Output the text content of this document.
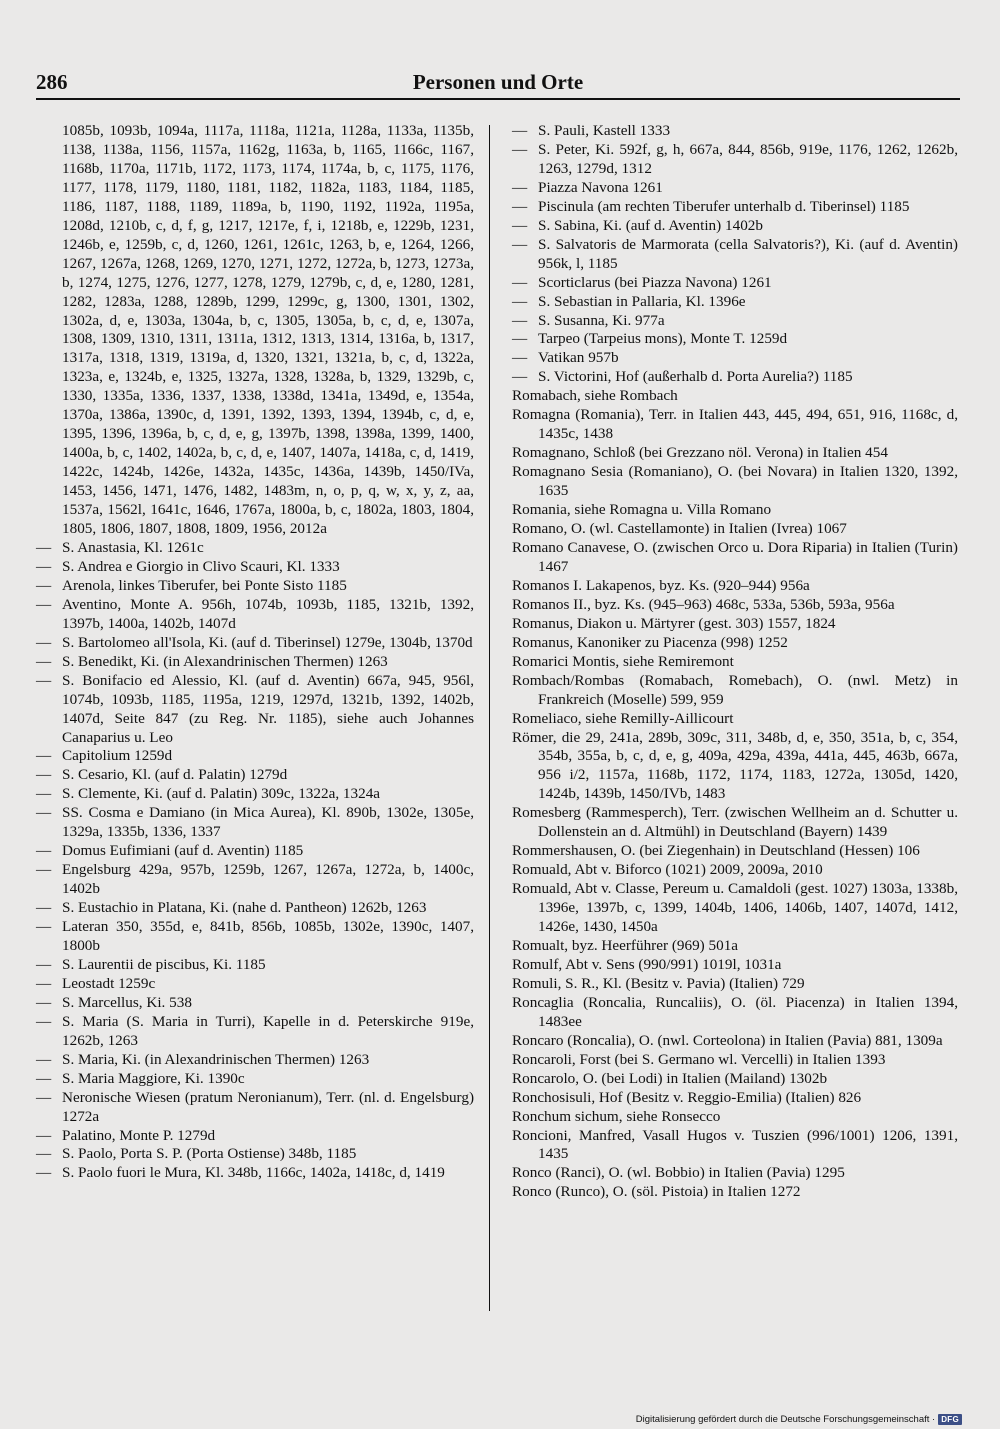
286	Personen und Orte
1085b, 1093b, 1094a, 1117a, 1118a, 1121a, 1128a, 1133a, 1135b, 1138, 1138a, 1156, 1157a, 1162g, 1163a, b, 1165, 1166c, 1167, 1168b, 1170a, 1171b, 1172, 1173, 1174, 1174a, b, c, 1175, 1176, 1177, 1178, 1179, 1180, 1181, 1182, 1182a, 1183, 1184, 1185, 1186, 1187, 1188, 1189, 1189a, b, 1190, 1192, 1192a, 1195a, 1208d, 1210b, c, d, f, g, 1217, 1217e, f, i, 1218b, e, 1229b, 1231, 1246b, e, 1259b, c, d, 1260, 1261, 1261c, 1263, b, e, 1264, 1266, 1267, 1267a, 1268, 1269, 1270, 1271, 1272, 1272a, b, 1273, 1273a, b, 1274, 1275, 1276, 1277, 1278, 1279, 1279b, c, d, e, 1280, 1281, 1282, 1283a, 1288, 1289b, 1299, 1299c, g, 1300, 1301, 1302, 1302a, d, e, 1303a, 1304a, b, c, 1305, 1305a, b, c, d, e, 1307a, 1308, 1309, 1310, 1311, 1311a, 1312, 1313, 1314, 1316a, b, 1317, 1317a, 1318, 1319, 1319a, d, 1320, 1321, 1321a, b, c, d, 1322a, 1323a, e, 1324b, e, 1325, 1327a, 1328, 1328a, b, 1329, 1329b, c, 1330, 1335a, 1336, 1337, 1338, 1338d, 1341a, 1349d, e, 1354a, 1370a, 1386a, 1390c, d, 1391, 1392, 1393, 1394, 1394b, c, d, e, 1395, 1396, 1396a, b, c, d, e, g, 1397b, 1398, 1398a, 1399, 1400, 1400a, b, c, 1402, 1402a, b, c, d, e, 1407, 1407a, 1418a, c, d, 1419, 1422c, 1424b, 1426e, 1432a, 1435c, 1436a, 1439b, 1450/IVa, 1453, 1456, 1471, 1476, 1482, 1483m, n, o, p, q, w, x, y, z, aa, 1537a, 1562l, 1641c, 1646, 1767a, 1800a, b, c, 1802a, 1803, 1804, 1805, 1806, 1807, 1808, 1809, 1956, 2012a
— S. Anastasia, Kl. 1261c
— S. Andrea e Giorgio in Clivo Scauri, Kl. 1333
— Arenola, linkes Tiberufer, bei Ponte Sisto 1185
— Aventino, Monte A. 956h, 1074b, 1093b, 1185, 1321b, 1392, 1397b, 1400a, 1402b, 1407d
— S. Bartolomeo all'Isola, Ki. (auf d. Tiberinsel) 1279e, 1304b, 1370d
— S. Benedikt, Ki. (in Alexandrinischen Thermen) 1263
— S. Bonifacio ed Alessio, Kl. (auf d. Aventin) 667a, 945, 956l, 1074b, 1093b, 1185, 1195a, 1219, 1297d, 1321b, 1392, 1402b, 1407d, Seite 847 (zu Reg. Nr. 1185), siehe auch Johannes Canaparius u. Leo
— Capitolium 1259d
— S. Cesario, Kl. (auf d. Palatin) 1279d
— S. Clemente, Ki. (auf d. Palatin) 309c, 1322a, 1324a
— SS. Cosma e Damiano (in Mica Aurea), Kl. 890b, 1302e, 1305e, 1329a, 1335b, 1336, 1337
— Domus Eufimiani (auf d. Aventin) 1185
— Engelsburg 429a, 957b, 1259b, 1267, 1267a, 1272a, b, 1400c, 1402b
— S. Eustachio in Platana, Ki. (nahe d. Pantheon) 1262b, 1263
— Lateran 350, 355d, e, 841b, 856b, 1085b, 1302e, 1390c, 1407, 1800b
— S. Laurentii de piscibus, Ki. 1185
— Leostadt 1259c
— S. Marcellus, Ki. 538
— S. Maria (S. Maria in Turri), Kapelle in d. Peterskirche 919e, 1262b, 1263
— S. Maria, Ki. (in Alexandrinischen Thermen) 1263
— S. Maria Maggiore, Ki. 1390c
— Neronische Wiesen (pratum Neronianum), Terr. (nl. d. Engelsburg) 1272a
— Palatino, Monte P. 1279d
— S. Paolo, Porta S. P. (Porta Ostiense) 348b, 1185
— S. Paolo fuori le Mura, Kl. 348b, 1166c, 1402a, 1418c, d, 1419
— S. Pauli, Kastell 1333
— S. Peter, Ki. 592f, g, h, 667a, 844, 856b, 919e, 1176, 1262, 1262b, 1263, 1279d, 1312
— Piazza Navona 1261
— Piscinula (am rechten Tiberufer unterhalb d. Tiberinsel) 1185
— S. Sabina, Ki. (auf d. Aventin) 1402b
— S. Salvatoris de Marmorata (cella Salvatoris?), Ki. (auf d. Aventin) 956k, l, 1185
— Scorticlarus (bei Piazza Navona) 1261
— S. Sebastian in Pallaria, Kl. 1396e
— S. Susanna, Ki. 977a
— Tarpeo (Tarpeius mons), Monte T. 1259d
— Vatikan 957b
— S. Victorini, Hof (außerhalb d. Porta Aurelia?) 1185
Romabach, siehe Rombach
Romagna (Romania), Terr. in Italien 443, 445, 494, 651, 916, 1168c, d, 1435c, 1438
Romagnano, Schloß (bei Grezzano nöl. Verona) in Italien 454
Romagnano Sesia (Romaniano), O. (bei Novara) in Italien 1320, 1392, 1635
Romania, siehe Romagna u. Villa Romano
Romano, O. (wl. Castellamonte) in Italien (Ivrea) 1067
Romano Canavese, O. (zwischen Orco u. Dora Riparia) in Italien (Turin) 1467
Romanos I. Lakapenos, byz. Ks. (920–944) 956a
Romanos II., byz. Ks. (945–963) 468c, 533a, 536b, 593a, 956a
Romanus, Diakon u. Märtyrer (gest. 303) 1557, 1824
Romanus, Kanoniker zu Piacenza (998) 1252
Romarici Montis, siehe Remiremont
Rombach/Rombas (Romabach, Romebach), O. (nwl. Metz) in Frankreich (Moselle) 599, 959
Romeliaco, siehe Remilly-Aillicourt
Römer, die 29, 241a, 289b, 309c, 311, 348b, d, e, 350, 351a, b, c, 354, 354b, 355a, b, c, d, e, g, 409a, 429a, 439a, 441a, 445, 463b, 667a, 956 i/2, 1157a, 1168b, 1172, 1174, 1183, 1272a, 1305d, 1420, 1424b, 1439b, 1450/IVb, 1483
Romesberg (Rammesperch), Terr. (zwischen Wellheim an d. Schutter u. Dollenstein an d. Altmühl) in Deutschland (Bayern) 1439
Rommershausen, O. (bei Ziegenhain) in Deutschland (Hessen) 106
Romuald, Abt v. Biforco (1021) 2009, 2009a, 2010
Romuald, Abt v. Classe, Pereum u. Camaldoli (gest. 1027) 1303a, 1338b, 1396e, 1397b, c, 1399, 1404b, 1406, 1406b, 1407, 1407d, 1412, 1426e, 1430, 1450a
Romualt, byz. Heerführer (969) 501a
Romulf, Abt v. Sens (990/991) 1019l, 1031a
Romuli, S. R., Kl. (Besitz v. Pavia) (Italien) 729
Roncaglia (Roncalia, Runcaliis), O. (öl. Piacenza) in Italien 1394, 1483ee
Roncaro (Roncalia), O. (nwl. Corteolona) in Italien (Pavia) 881, 1309a
Roncaroli, Forst (bei S. Germano wl. Vercelli) in Italien 1393
Roncarolo, O. (bei Lodi) in Italien (Mailand) 1302b
Ronchosisuli, Hof (Besitz v. Reggio-Emilia) (Italien) 826
Ronchum sichum, siehe Ronsecco
Roncioni, Manfred, Vasall Hugos v. Tuszien (996/1001) 1206, 1391, 1435
Ronco (Ranci), O. (wl. Bobbio) in Italien (Pavia) 1295
Ronco (Runco), O. (söl. Pistoia) in Italien 1272
Digitalisierung gefördert durch die Deutsche Forschungsgemeinschaft · DFG
